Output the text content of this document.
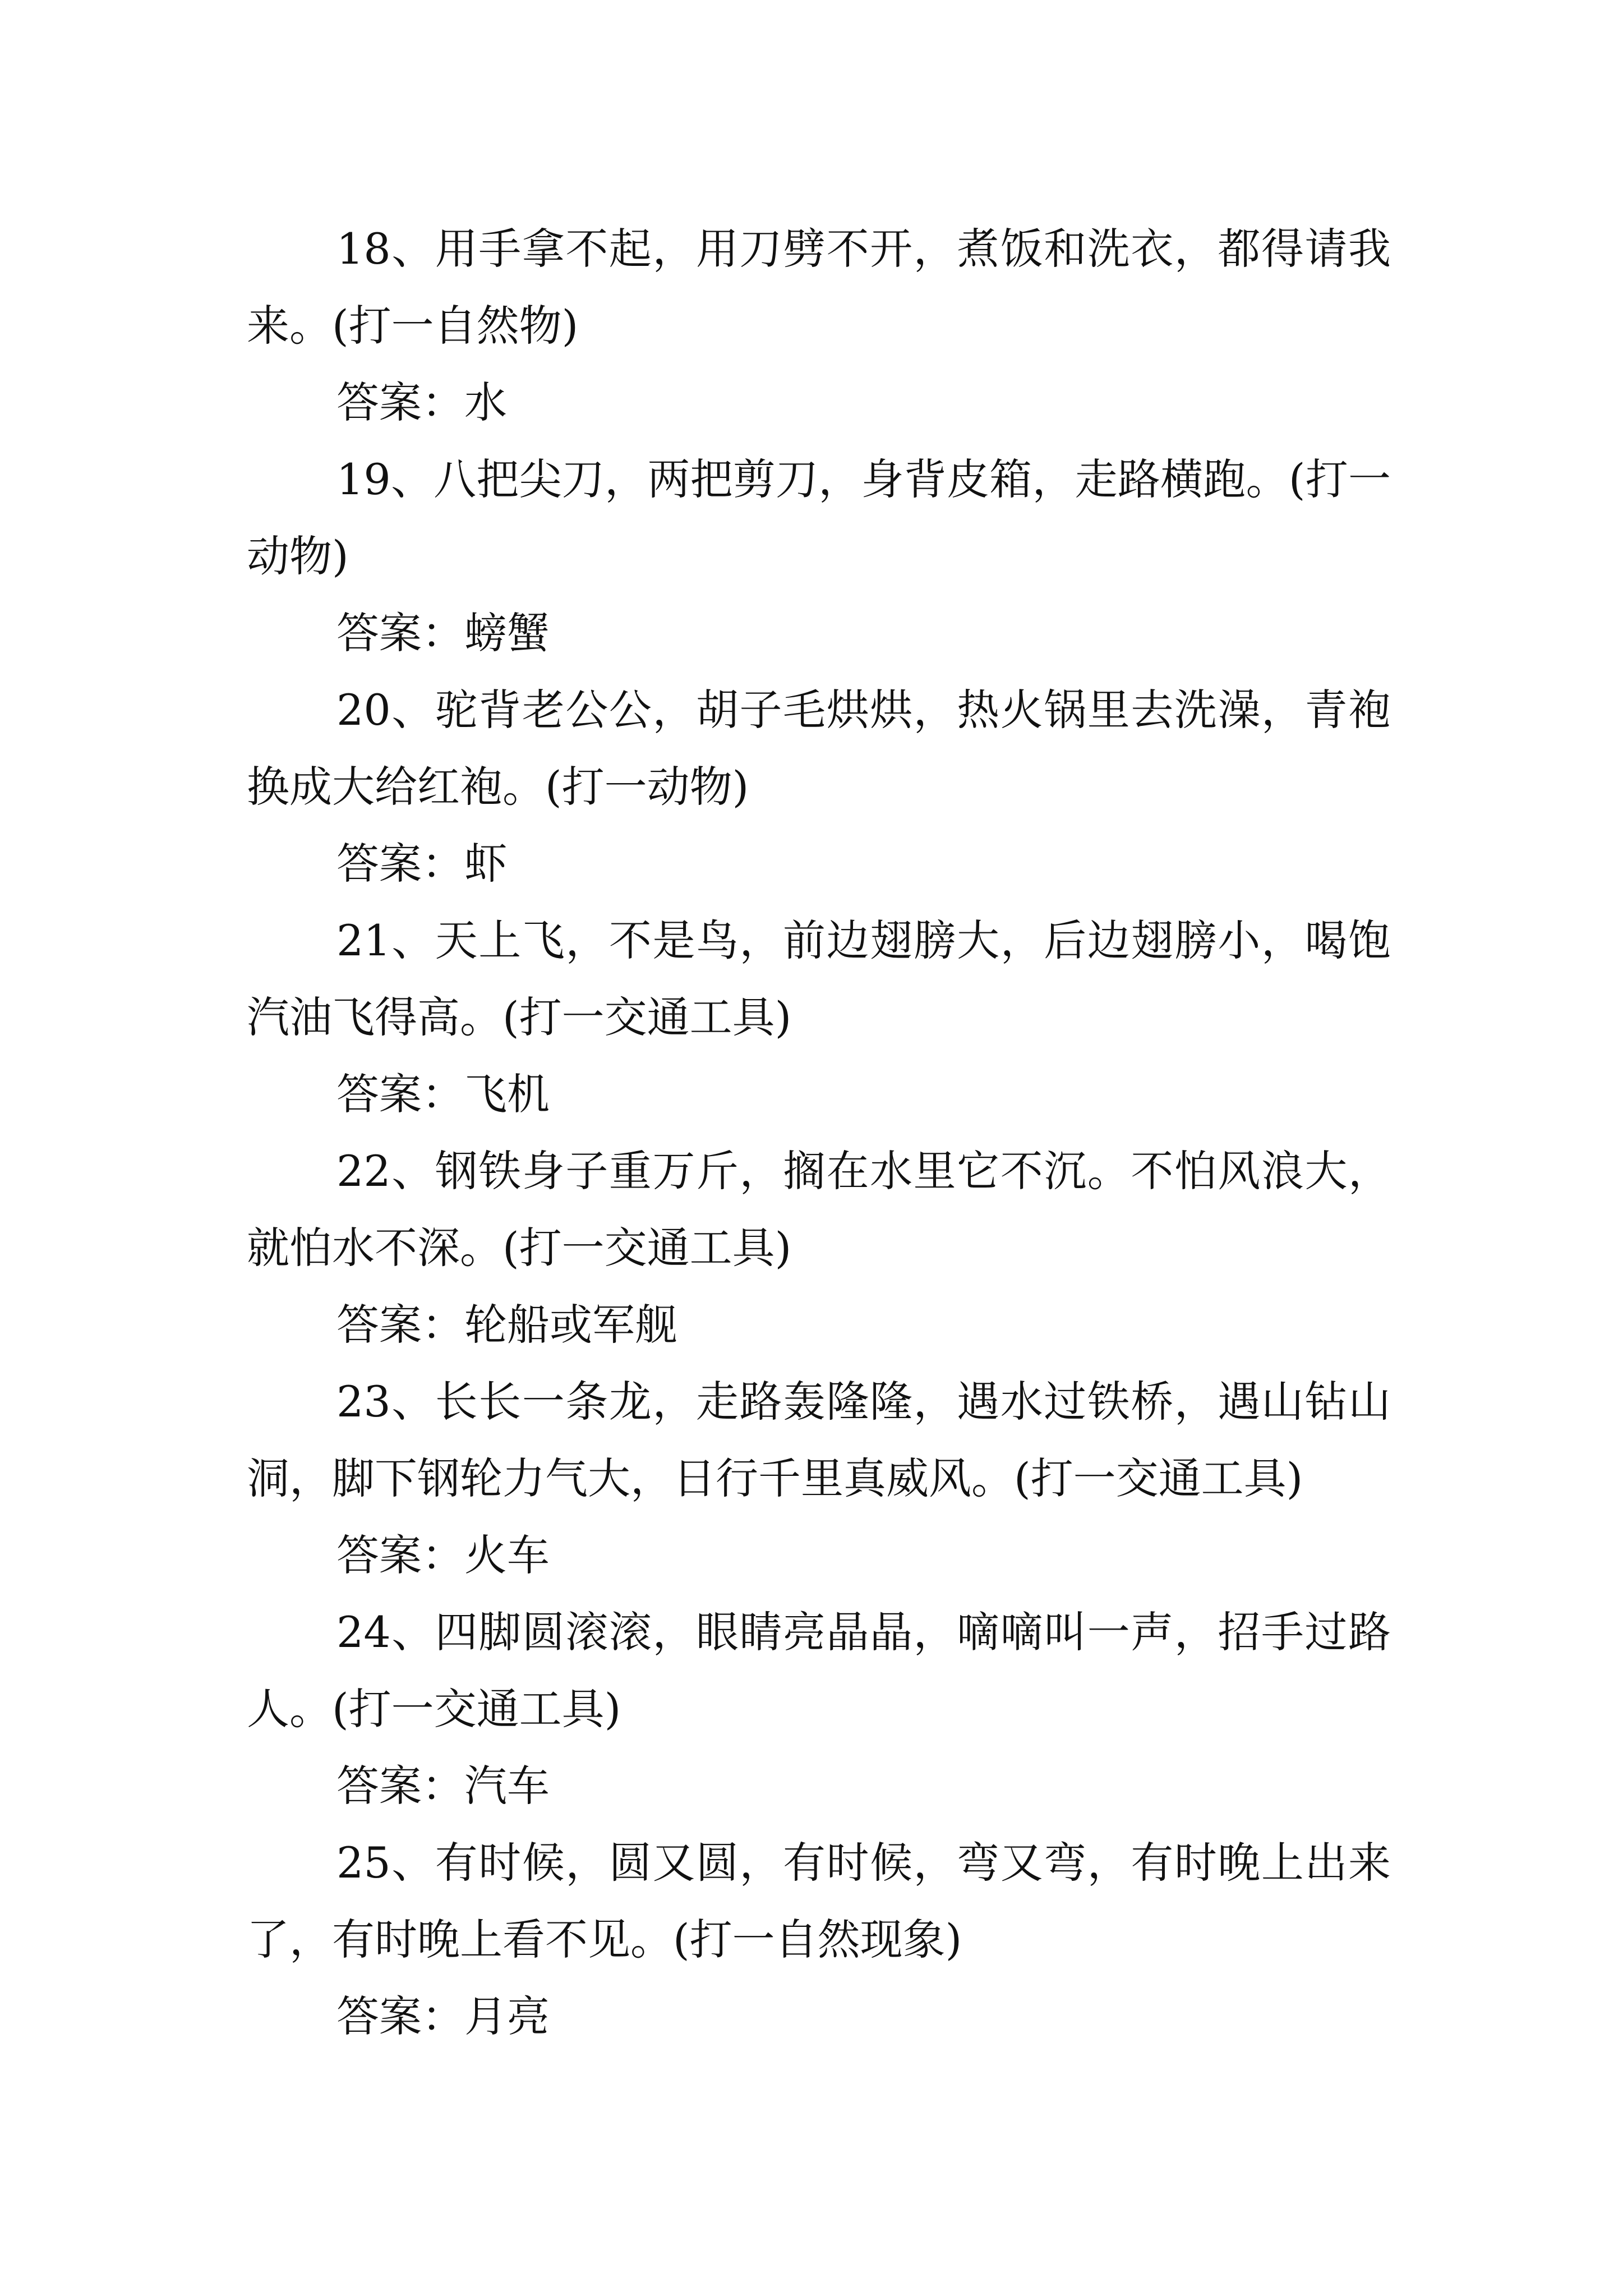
18、用手拿不起，用刀劈不开，煮饭和洗衣，都得请我来。(打一自然物)

答案：水

19、八把尖刀，两把剪刀，身背皮箱，走路横跑。(打一动物)

答案：螃蟹

20、驼背老公公，胡子毛烘烘，热火锅里去洗澡，青袍换成大给红袍。(打一动物)

答案：虾

21、天上飞，不是鸟，前边翅膀大，后边翅膀小，喝饱汽油飞得高。(打一交通工具)

答案：飞机

22、钢铁身子重万斤，搁在水里它不沉。不怕风浪大，就怕水不深。(打一交通工具)

答案：轮船或军舰

23、长长一条龙，走路轰隆隆，遇水过铁桥，遇山钻山洞，脚下钢轮力气大，日行千里真威风。(打一交通工具)

答案：火车

24、四脚圆滚滚，眼睛亮晶晶，嘀嘀叫一声，招手过路人。(打一交通工具)

答案：汽车

25、有时候，圆又圆，有时候，弯又弯，有时晚上出来了，有时晚上看不见。(打一自然现象)

答案：月亮
